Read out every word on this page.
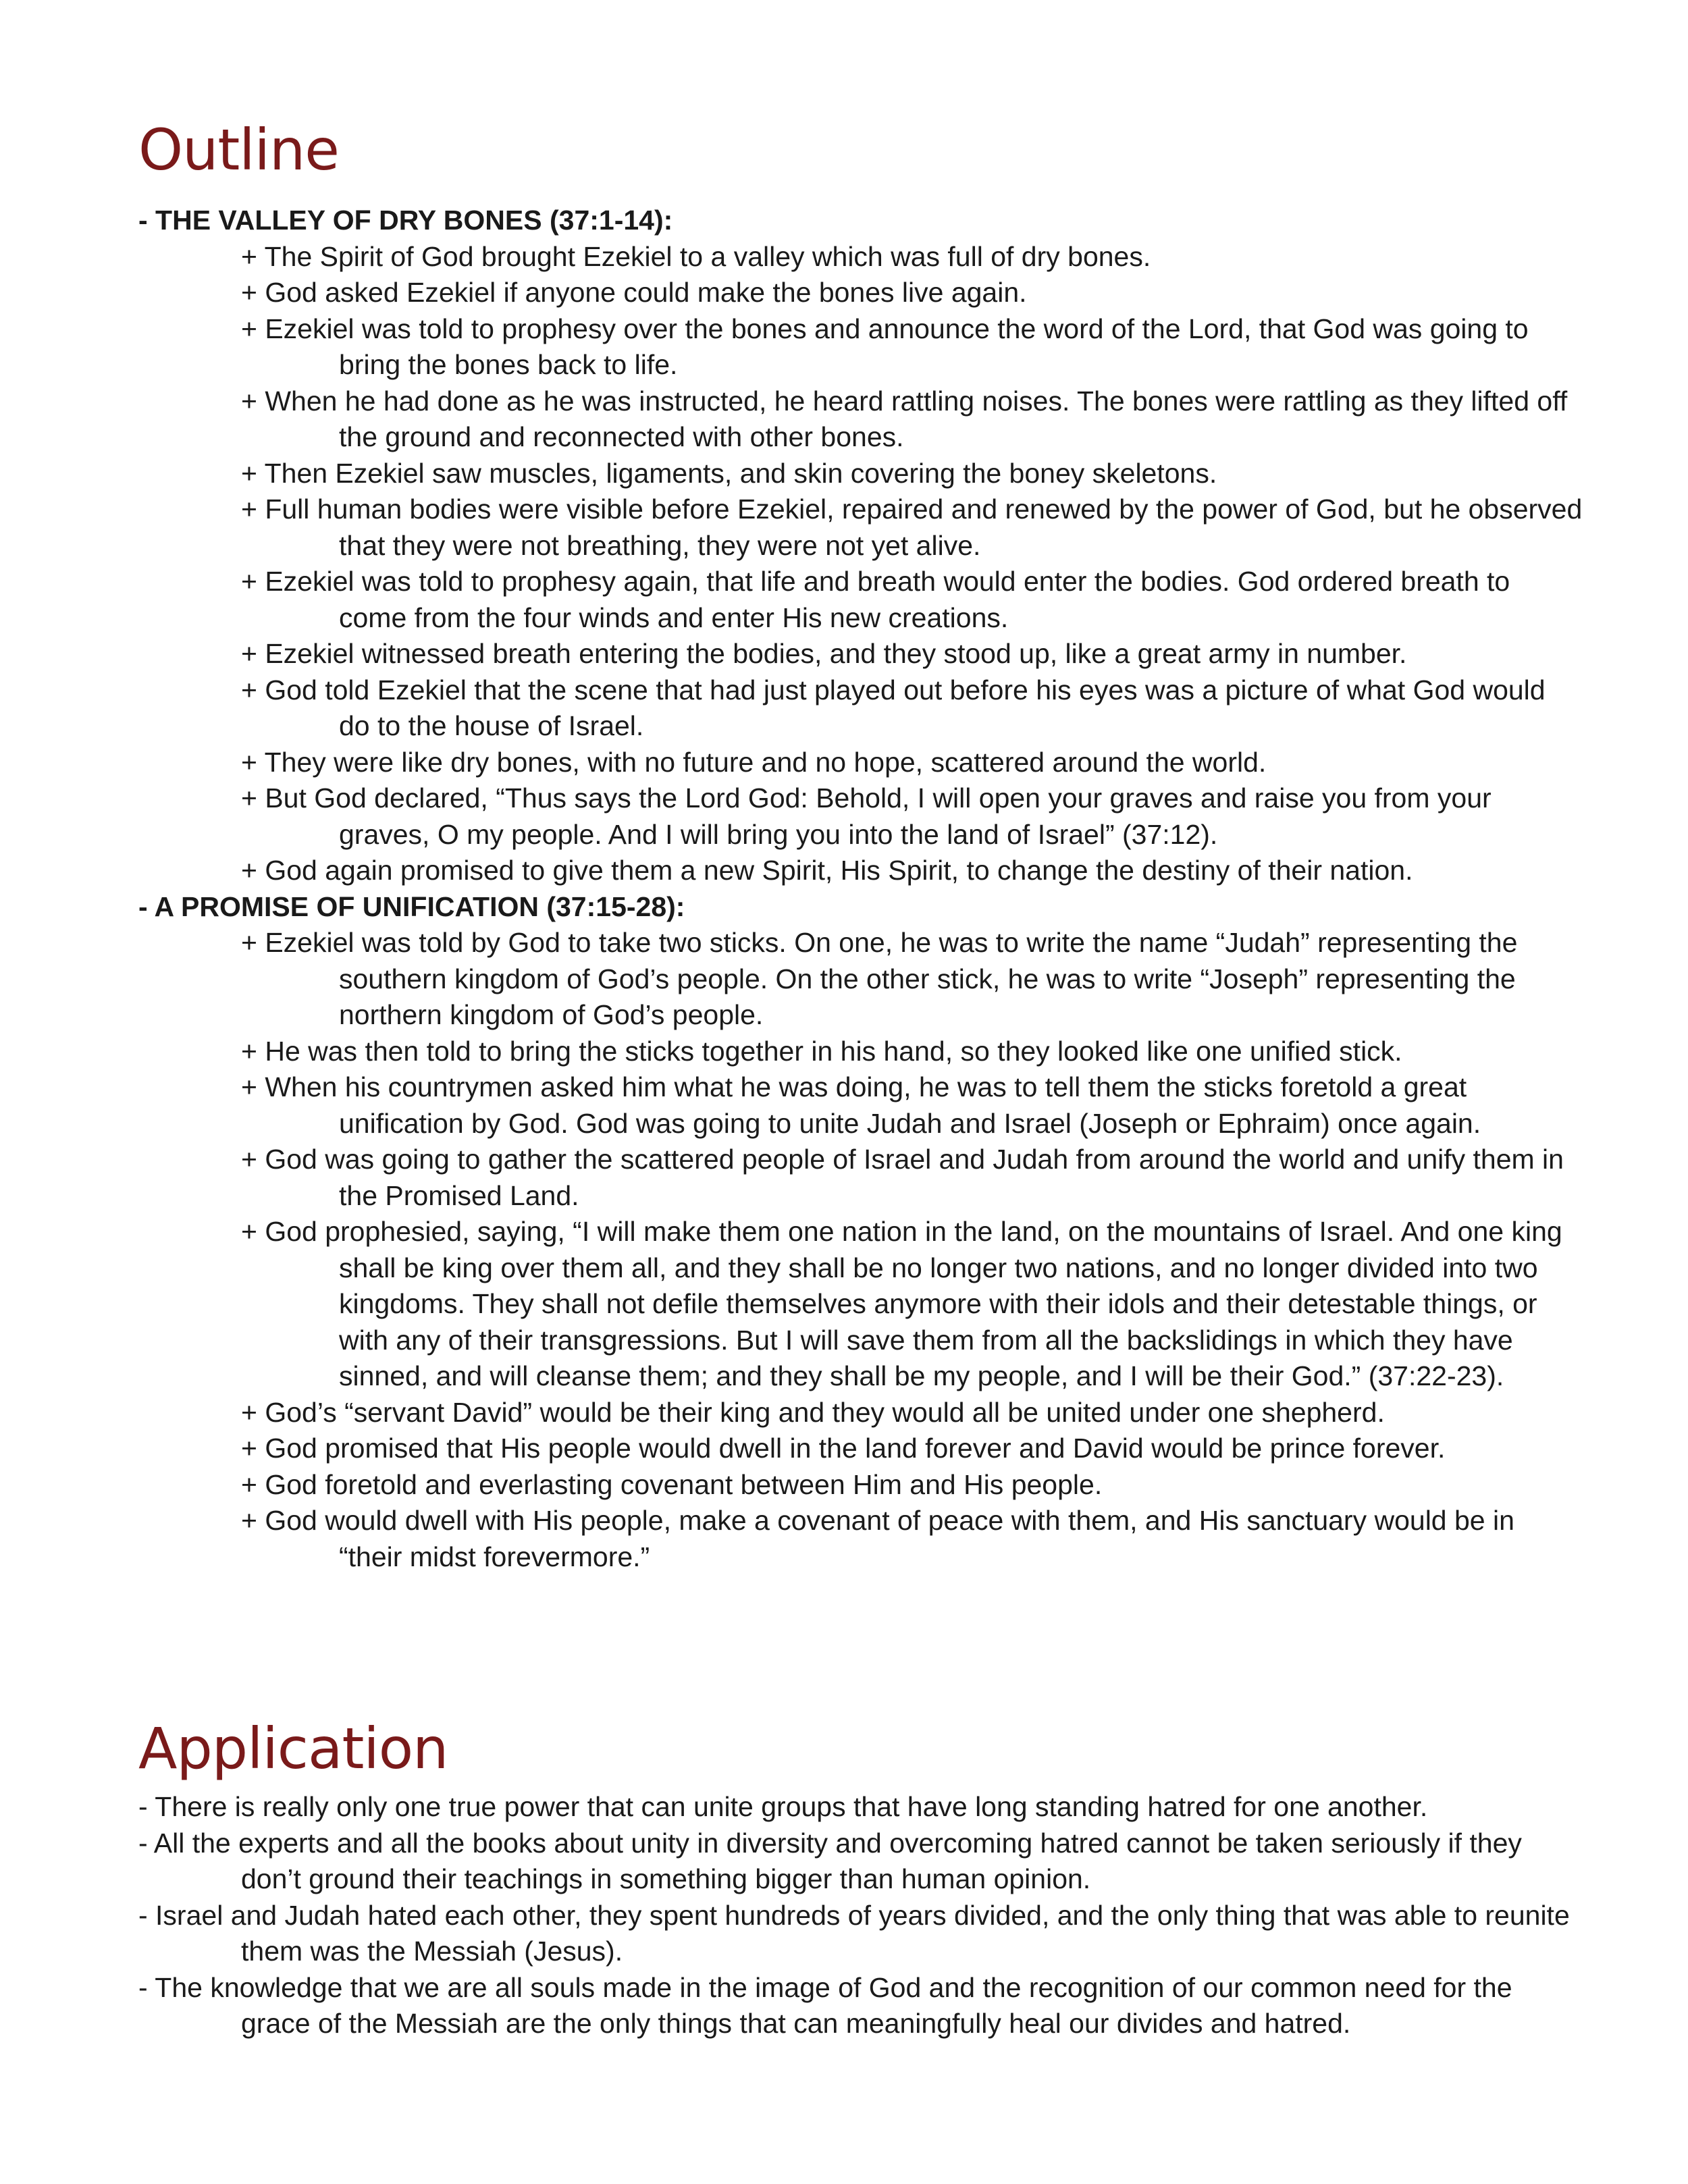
Outline

- THE VALLEY OF DRY BONES (37:1-14):

+ The Spirit of God brought Ezekiel to a valley which was full of dry bones.

+ God asked Ezekiel if anyone could make the bones live again.

+ Ezekiel was told to prophesy over the bones and announce the word of the Lord, that God was going to bring the bones back to life.

+ When he had done as he was instructed, he heard rattling noises. The bones were rattling as they lifted off the ground and reconnected with other bones.

+ Then Ezekiel saw muscles, ligaments, and skin covering the boney skeletons.

+ Full human bodies were visible before Ezekiel, repaired and renewed by the power of God, but he observed that they were not breathing, they were not yet alive.

+ Ezekiel was told to prophesy again, that life and breath would enter the bodies. God ordered breath to come from the four winds and enter His new creations.

+ Ezekiel witnessed breath entering the bodies, and they stood up, like a great army in number.

+ God told Ezekiel that the scene that had just played out before his eyes was a picture of what God would do to the house of Israel.

+ They were like dry bones, with no future and no hope, scattered around the world.

+ But God declared, “Thus says the Lord God: Behold, I will open your graves and raise you from your graves, O my people. And I will bring you into the land of Israel” (37:12).

+ God again promised to give them a new Spirit, His Spirit, to change the destiny of their nation.

- A PROMISE OF UNIFICATION (37:15-28):

+ Ezekiel was told by God to take two sticks. On one, he was to write the name “Judah” representing the southern kingdom of God’s people. On the other stick, he was to write “Joseph” representing the northern kingdom of God’s people.

+ He was then told to bring the sticks together in his hand, so they looked like one unified stick.

+ When his countrymen asked him what he was doing, he was to tell them the sticks foretold a great unification by God. God was going to unite Judah and Israel (Joseph or Ephraim) once again.

+ God was going to gather the scattered people of Israel and Judah from around the world and unify them in the Promised Land.

+ God prophesied, saying, “I will make them one nation in the land, on the mountains of Israel. And one king shall be king over them all, and they shall be no longer two nations, and no longer divided into two kingdoms. They shall not defile themselves anymore with their idols and their detestable things, or with any of their transgressions. But I will save them from all the backslidings in which they have sinned, and will cleanse them; and they shall be my people, and I will be their God.” (37:22-23).

+ God’s “servant David” would be their king and they would all be united under one shepherd.

+ God promised that His people would dwell in the land forever and David would be prince forever.

+ God foretold and everlasting covenant between Him and His people.

+ God would dwell with His people, make a covenant of peace with them, and His sanctuary would be in “their midst forevermore.”

Application

- There is really only one true power that can unite groups that have long standing hatred for one another.

- All the experts and all the books about unity in diversity and overcoming hatred cannot be taken seriously if they don’t ground their teachings in something bigger than human opinion.

- Israel and Judah hated each other, they spent hundreds of years divided, and the only thing that was able to reunite them was the Messiah (Jesus).

- The knowledge that we are all souls made in the image of God and the recognition of our common need for the grace of the Messiah are the only things that can meaningfully heal our divides and hatred.
